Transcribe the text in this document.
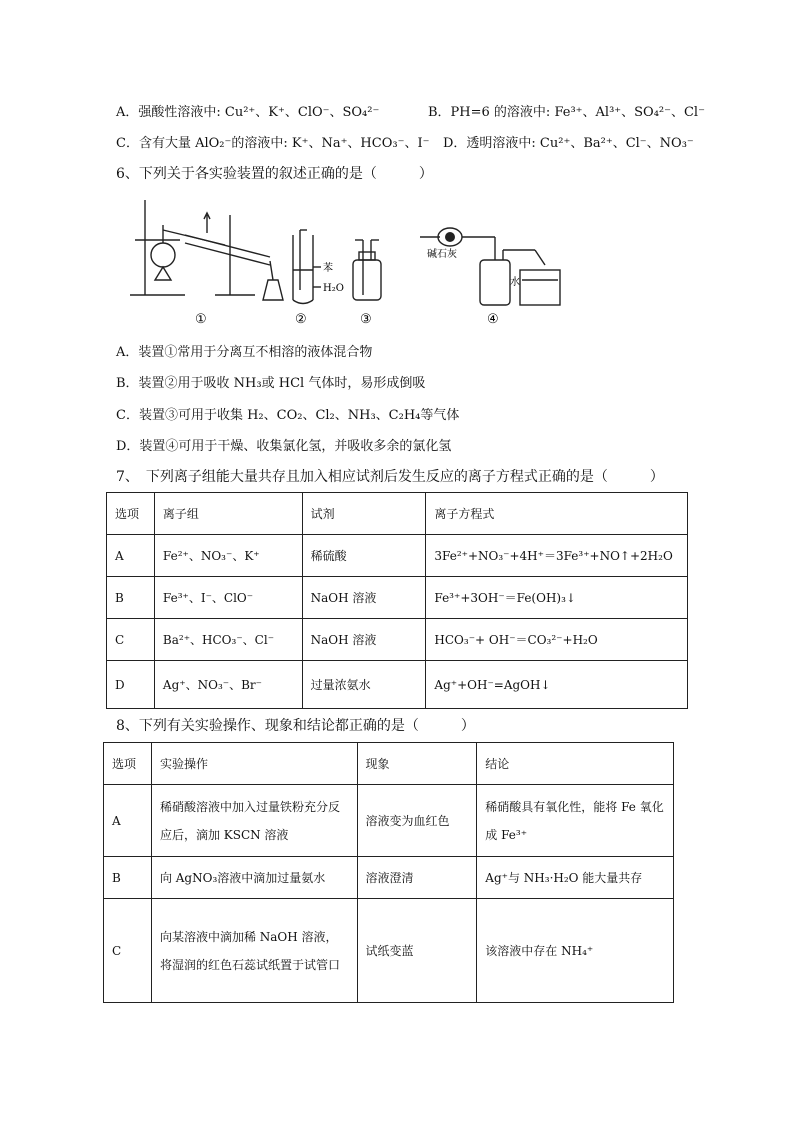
A．强酸性溶液中: Cu²⁺、K⁺、ClO⁻、SO₄²⁻	B．PH=6 的溶液中: Fe³⁺、Al³⁺、SO₄²⁻、Cl⁻
C．含有大量 AlO₂⁻的溶液中: K⁺、Na⁺、HCO₃⁻、I⁻ D．透明溶液中: Cu²⁺、Ba²⁺、Cl⁻、NO₃⁻
6、下列关于各实验装置的叙述正确的是（　　　）
①
苯
H₂O
②	③
碱石灰
水
④
A．装置①常用于分离互不相溶的液体混合物
B．装置②用于吸收 NH₃或 HCl 气体时，易形成倒吸
C．装置③可用于收集 H₂、CO₂、Cl₂、NH₃、C₂H₄等气体
D．装置④可用于干燥、收集氯化氢，并吸收多余的氯化氢
7、　下列离子组能大量共存且加入相应试剂后发生反应的离子方程式正确的是（　　　）
选项	离子组	试剂	离子方程式
A	Fe²⁺、NO₃⁻、K⁺	稀硫酸	3Fe²⁺+NO₃⁻+4H⁺＝3Fe³⁺+NO↑+2H₂O
B	Fe³⁺、I⁻、ClO⁻	NaOH 溶液	Fe³⁺+3OH⁻＝Fe(OH)₃↓
C	Ba²⁺、HCO₃⁻、Cl⁻	NaOH 溶液	HCO₃⁻+ OH⁻＝CO₃²⁻+H₂O
D	Ag⁺、NO₃⁻、Br⁻	过量浓氨水	Ag⁺+OH⁻=AgOH↓
8、下列有关实验操作、现象和结论都正确的是（　　　）
选项	实验操作	现象	结论
A	稀硝酸溶液中加入过量铁粉充分反应后，滴加 KSCN 溶液	溶液变为血红色	稀硝酸具有氧化性，能将 Fe 氧化成 Fe³⁺
B	向 AgNO₃溶液中滴加过量氨水	溶液澄清	Ag⁺与 NH₃·H₂O 能大量共存
C	向某溶液中滴加稀 NaOH 溶液，将湿润的红色石蕊试纸置于试管口	试纸变蓝	该溶液中存在 NH₄⁺
